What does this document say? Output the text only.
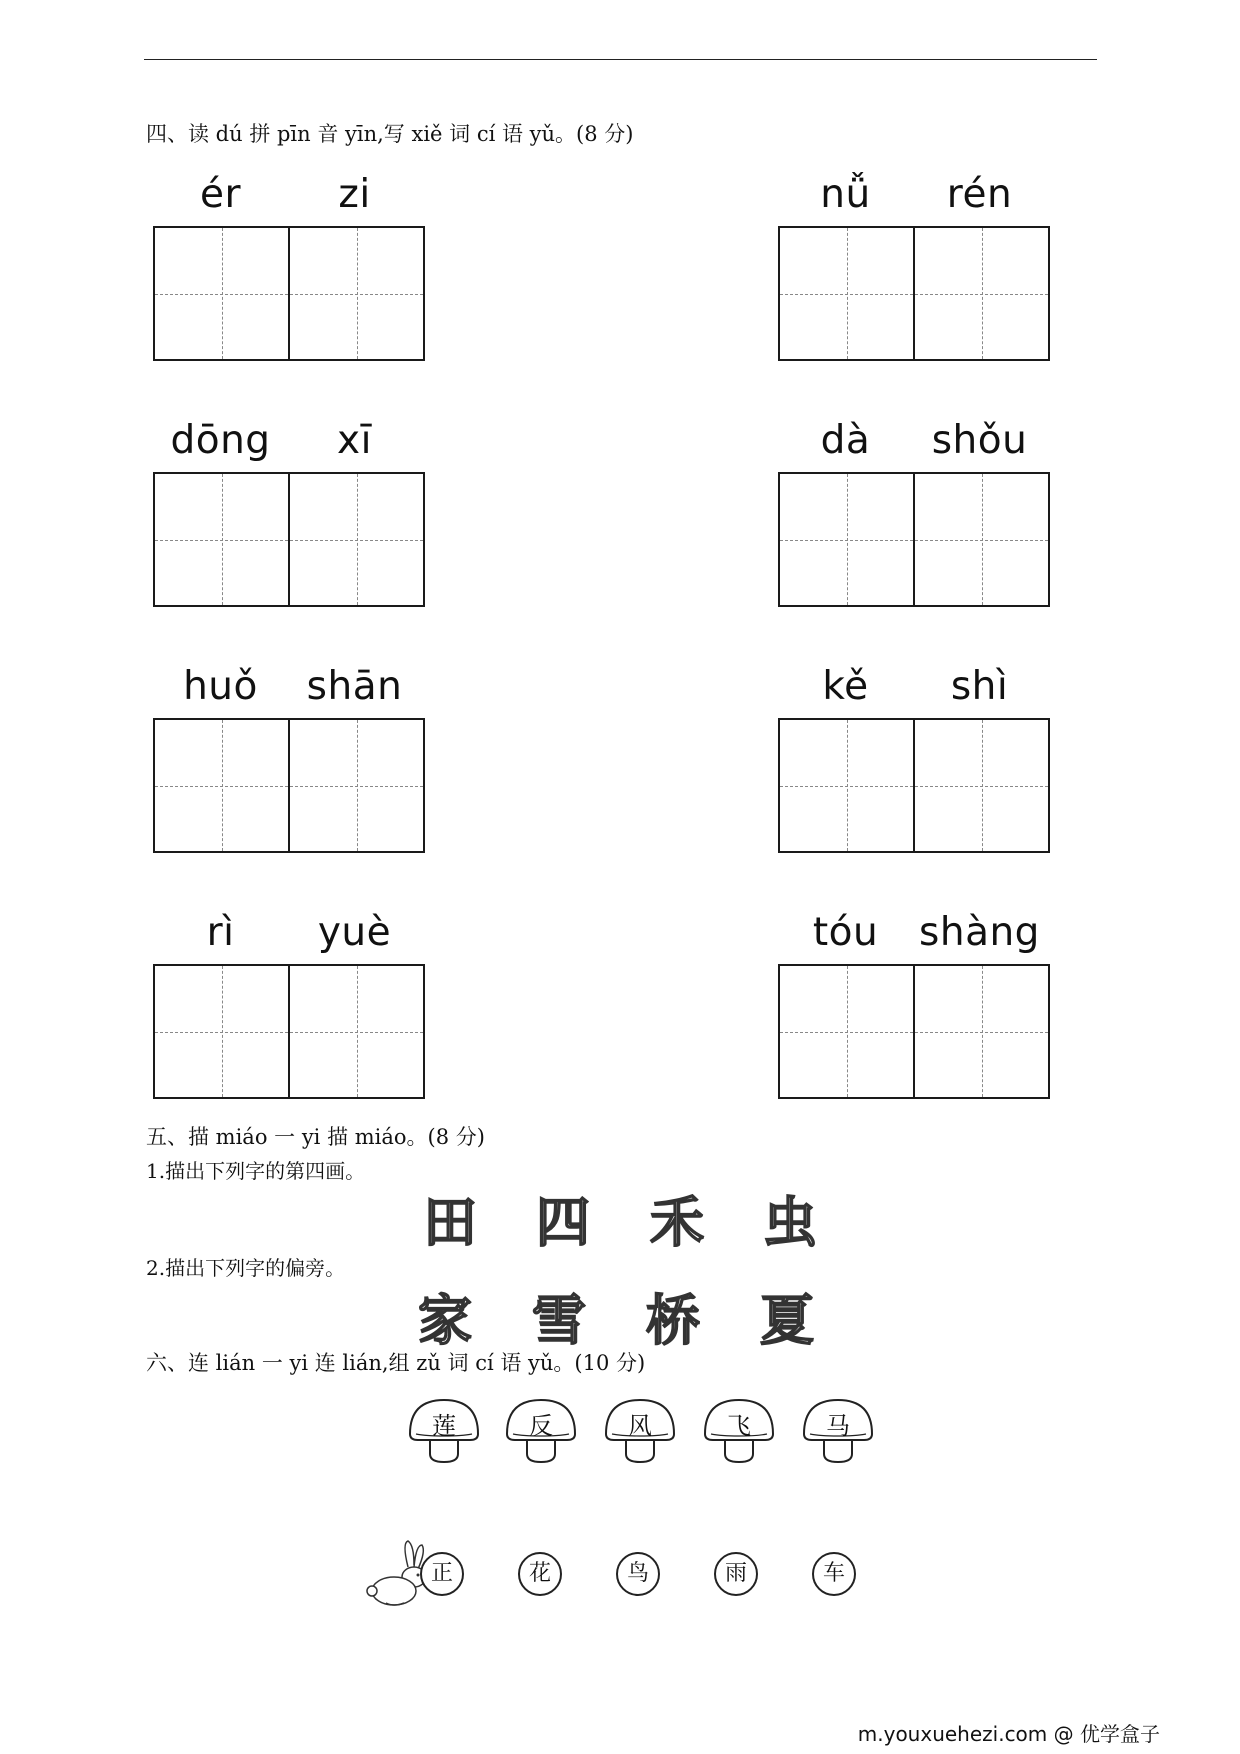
四、读 dú 拼 pīn 音 yīn,写 xiě 词 cí 语 yǔ。(8 分)
ér	zi	nǚ	rén
dōng	xī	dà	shǒu
huǒ	shān	kě	shì
rì	yuè	tóu	shàng
五、描 miáo 一 yi 描 miáo。(8 分)
1.描出下列字的第四画。
田 四 禾 虫
2.描出下列字的偏旁。
家 雪 桥 夏
六、连 lián 一 yi 连 lián,组 zǔ 词 cí 语 yǔ。(10 分)
莲	反	风	飞	马
正	花	鸟	雨	车
m.youxuehezi.com @ 优学盒子
